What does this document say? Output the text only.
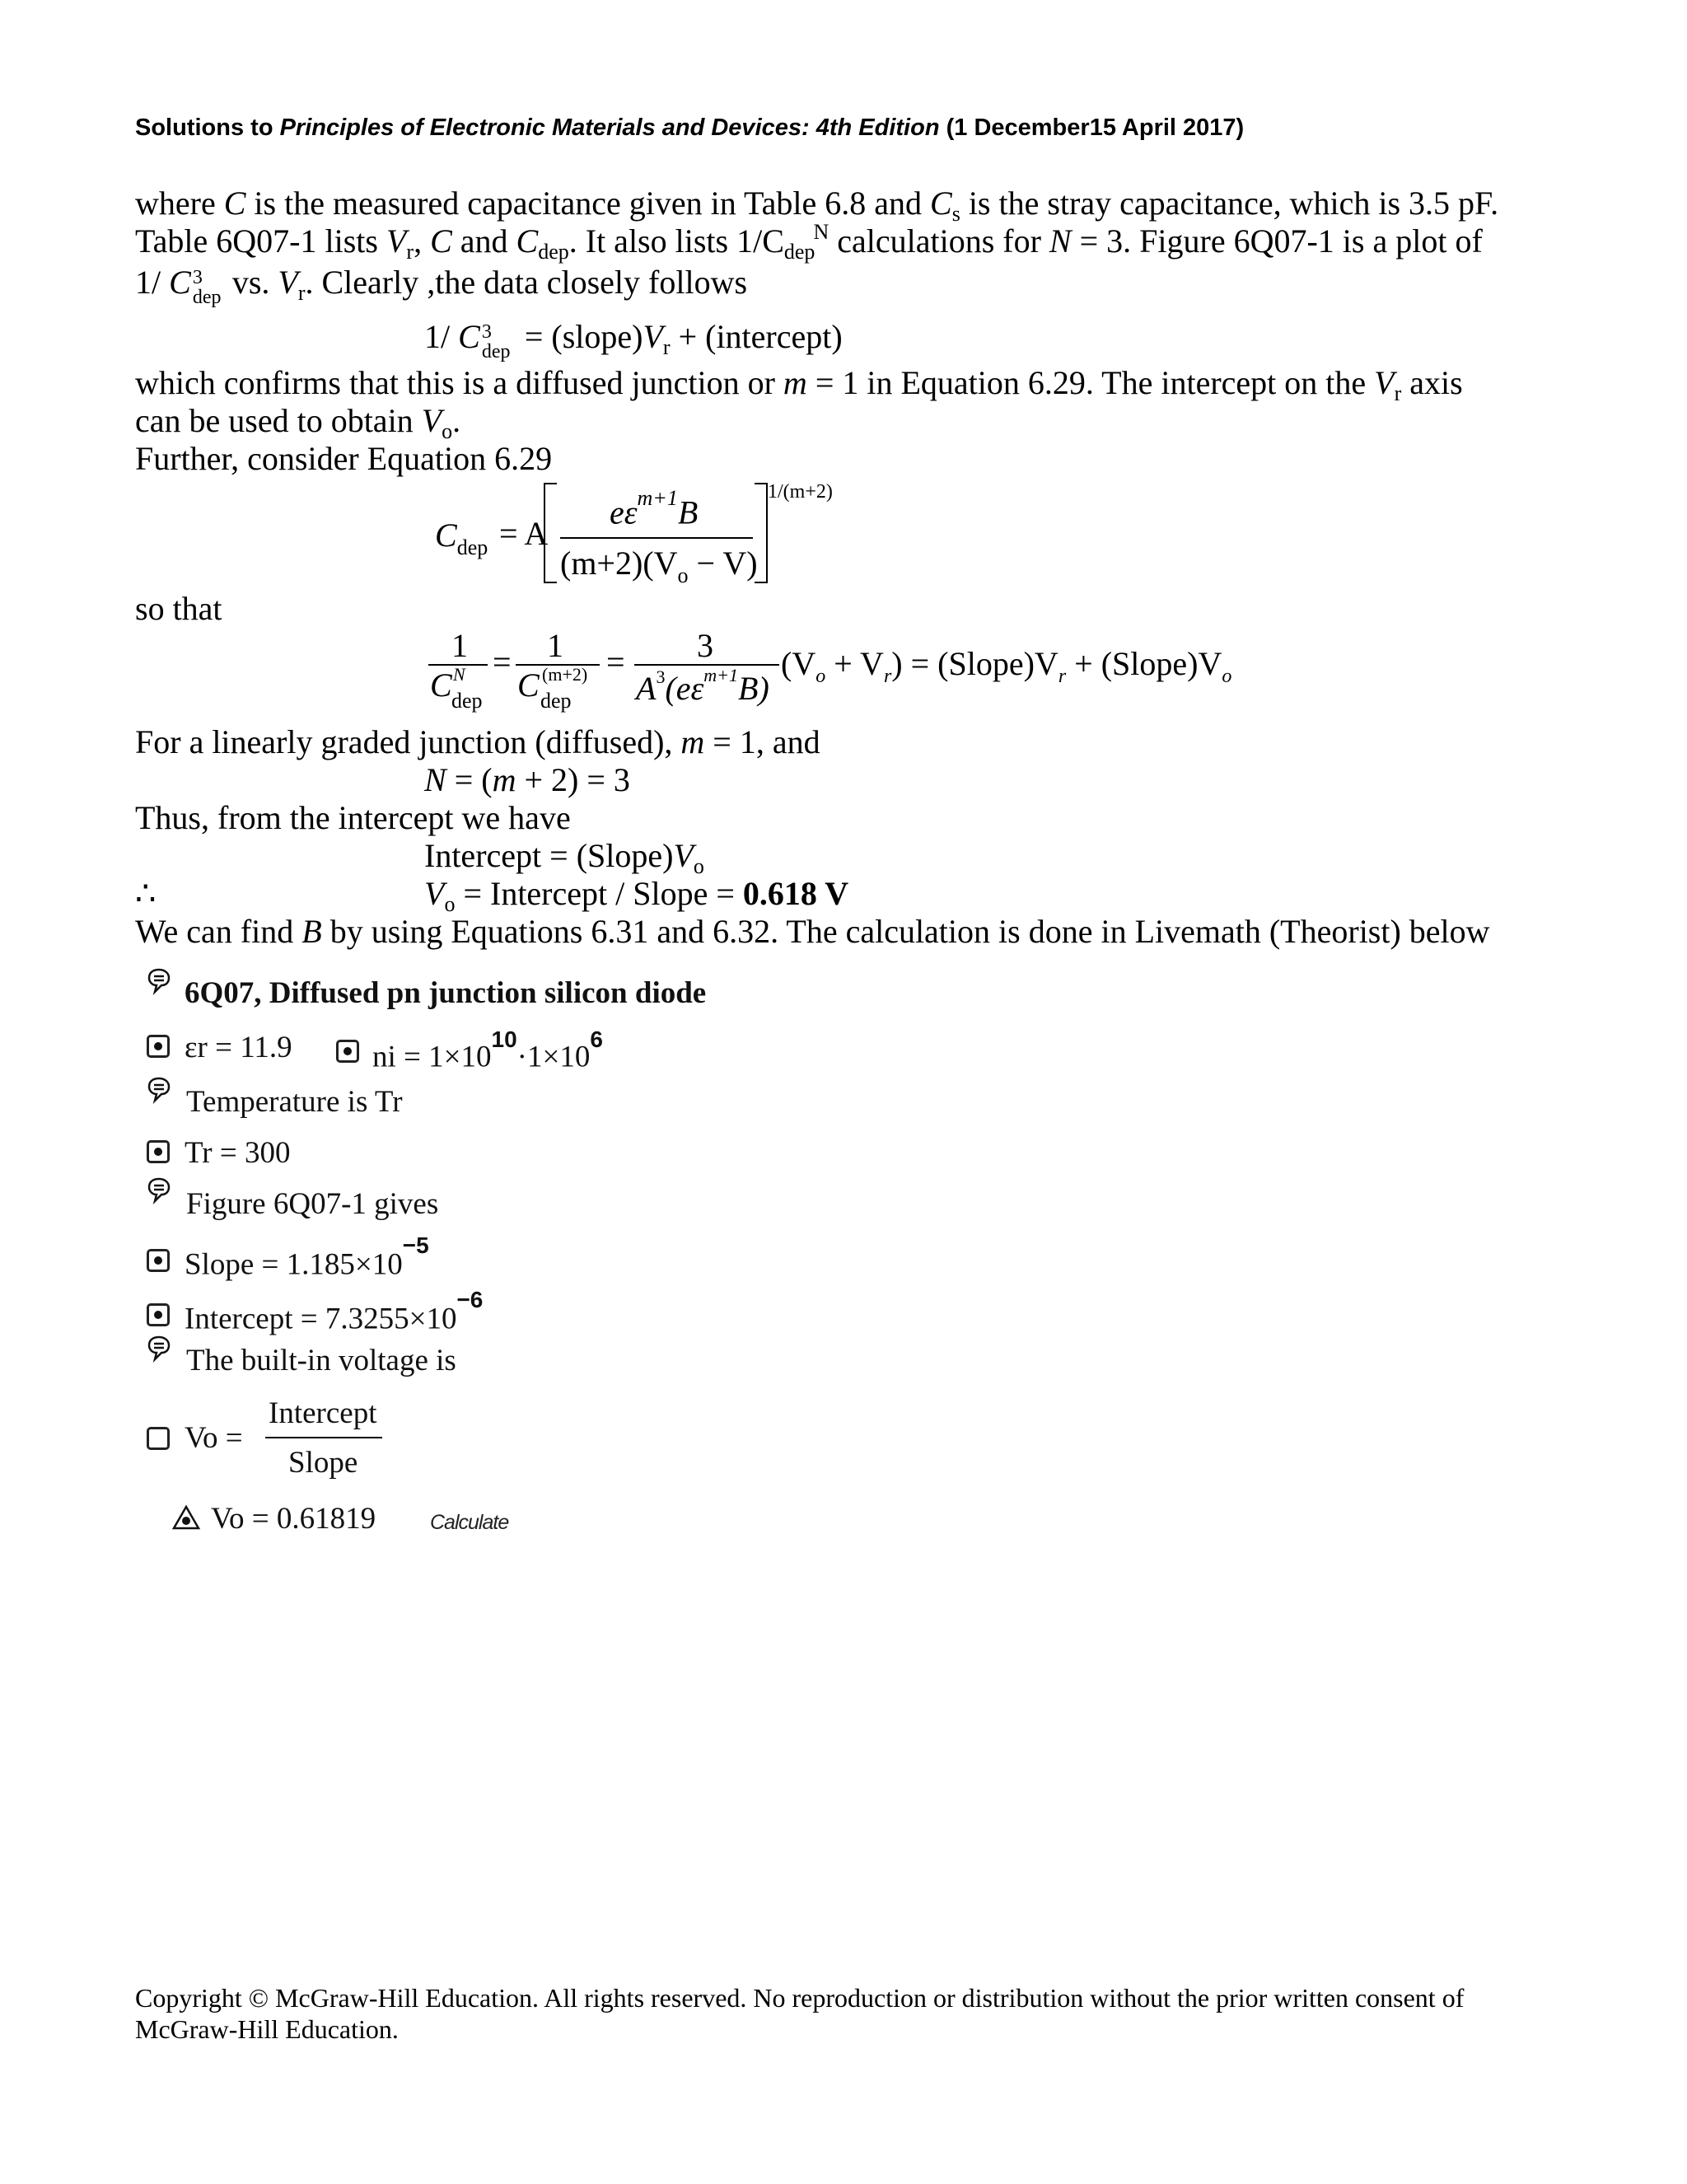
Solutions to Principles of Electronic Materials and Devices: 4th Edition (1 December15 April 2017)
where C is the measured capacitance given in Table 6.8 and $C_s$ is the stray capacitance, which is 3.5 pF.
Table 6Q07-1 lists $V_r$, C and $C_{dep}$. It also lists $1/C_{dep}^N$ calculations for N = 3. Figure 6Q07-1 is a plot of
1/ C 3
dep vs. $V_r$. Clearly ,the data closely follows
1/ C 3
dep = $(slope)V_r$ + (intercept)
which confirms that this is a diffused junction or m = 1 in Equation 6.29. The intercept on the $V_r$ axis
can be used to obtain $V_o$.
Further, consider Equation 6.29
$C_{dep} = A$
$e\varepsilon^{m+1}B$
$(m+2)(V_o - V)$
1/(m+2)
so that
1
C N
dep
= 1
C (m+2)
dep
= 3
$A^3(e\varepsilon^{m+1}B)$
$(V_o + V_r)$ = $(Slope)V_r$ + $(Slope)V_o$
For a linearly graded junction (diffused), m = 1, and
N = (m + 2) = 3
Thus, from the intercept we have
Intercept = $(Slope)V_o$
∴	$V_o$ = Intercept / Slope = 0.618 V
We can find B by using Equations 6.31 and 6.32. The calculation is done in Livemath (Theorist) below
6Q07, Diffused pn junction silicon diode
εr = 11.9	ni = $1\times 10^{10}\cdot 1\times 10^6$
Temperature is Tr
Tr = 300
Figure 6Q07-1 gives
Slope = $1.185\times 10^{-5}$
Intercept = $7.3255\times 10^{-6}$
The built-in voltage is
Vo =
Intercept
Slope
Vo = 0.61819	Calculate
Copyright © McGraw-Hill Education. All rights reserved. No reproduction or distribution without the prior written consent of McGraw-Hill Education.
